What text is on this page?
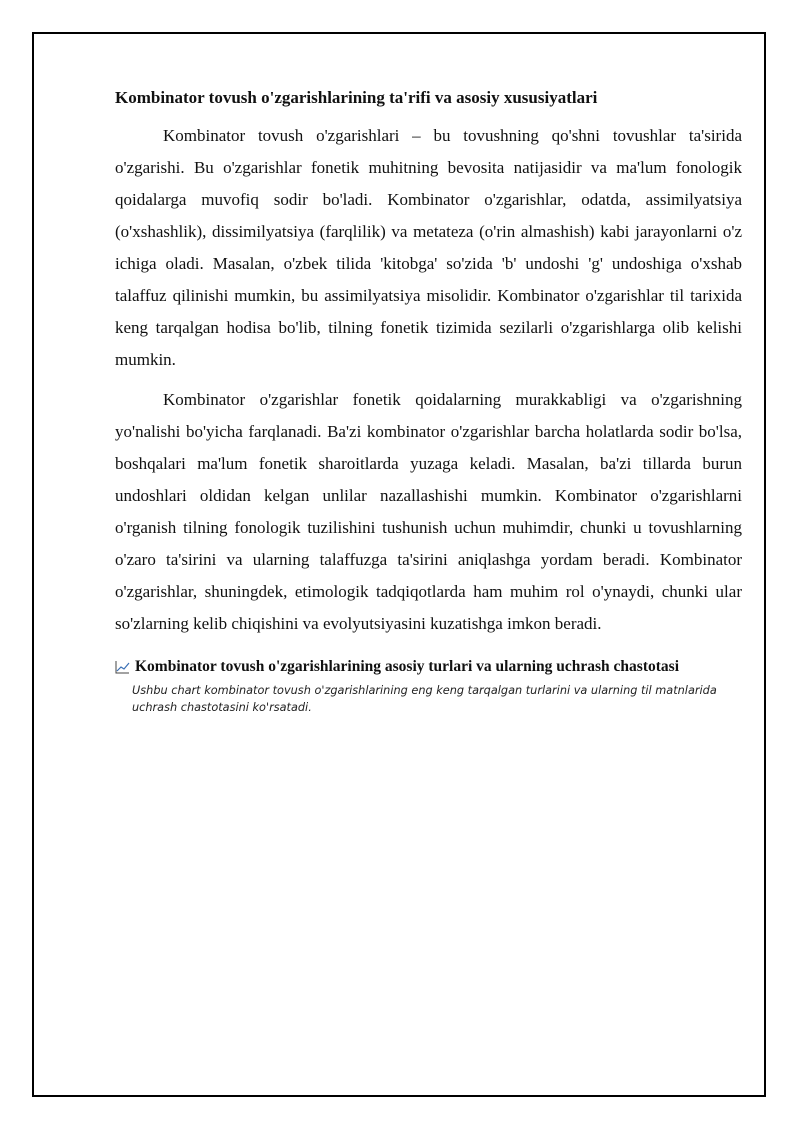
Kombinator tovush o'zgarishlarining ta'rifi va asosiy xususiyatlari

Kombinator tovush o'zgarishlari – bu tovushning qo'shni tovushlar ta'sirida o'zgarishi. Bu o'zgarishlar fonetik muhitning bevosita natijasidir va ma'lum fonologik qoidalarga muvofiq sodir bo'ladi. Kombinator o'zgarishlar, odatda, assimilyatsiya (o'xshashlik), dissimilyatsiya (farqlilik) va metateza (o'rin almashish) kabi jarayonlarni o'z ichiga oladi. Masalan, o'zbek tilida 'kitobga' so'zida 'b' undoshi 'g' undoshiga o'xshab talaffuz qilinishi mumkin, bu assimilyatsiya misolidir. Kombinator o'zgarishlar til tarixida keng tarqalgan hodisa bo'lib, tilning fonetik tizimida sezilarli o'zgarishlarga olib kelishi mumkin.

Kombinator o'zgarishlar fonetik qoidalarning murakkabligi va o'zgarishning yo'nalishi bo'yicha farqlanadi. Ba'zi kombinator o'zgarishlar barcha holatlarda sodir bo'lsa, boshqalari ma'lum fonetik sharoitlarda yuzaga keladi. Masalan, ba'zi tillarda burun undoshlari oldidan kelgan unlilar nazallashishi mumkin. Kombinator o'zgarishlarni o'rganish tilning fonologik tuzilishini tushunish uchun muhimdir, chunki u tovushlarning o'zaro ta'sirini va ularning talaffuzga ta'sirini aniqlashga yordam beradi. Kombinator o'zgarishlar, shuningdek, etimologik tadqiqotlarda ham muhim rol o'ynaydi, chunki ular so'zlarning kelib chiqishini va evolyutsiyasini kuzatishga imkon beradi.

Kombinator tovush o'zgarishlarining asosiy turlari va ularning uchrash chastotasi
Ushbu chart kombinator tovush o'zgarishlarining eng keng tarqalgan turlarini va ularning til matnlarida uchrash chastotasini ko'rsatadi.
